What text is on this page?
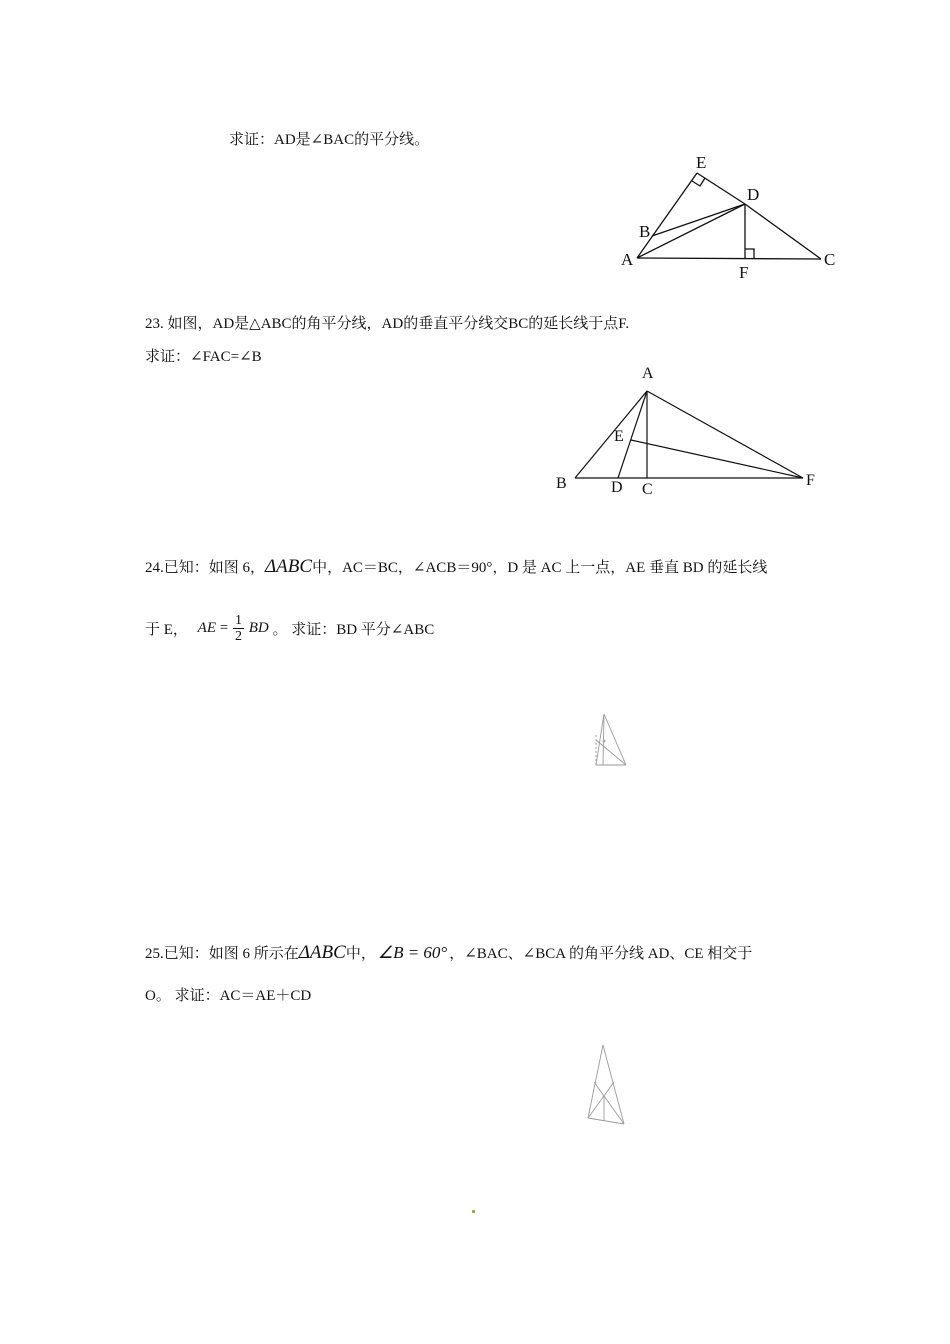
求证：AD是∠BAC的平分线。
E
D
B
A
F
C
23. 如图，AD是△ABC的角平分线，AD的垂直平分线交BC的延长线于点F.
求证：∠FAC=∠B
A
E
B	D C
F
24.已知：如图 6，ΔABC中，AC＝BC，∠ACB＝90°，D 是 AC 上一点，AE 垂直 BD 的延长线
于 E， AE = $\frac{1}{2}$ BD 。 求证：BD 平分∠ABC
25.已知：如图 6 所示在ΔABC中， ∠B = 60° ，∠BAC、∠BCA 的角平分线 AD、CE 相交于
O。 求证：AC＝AE＋CD
